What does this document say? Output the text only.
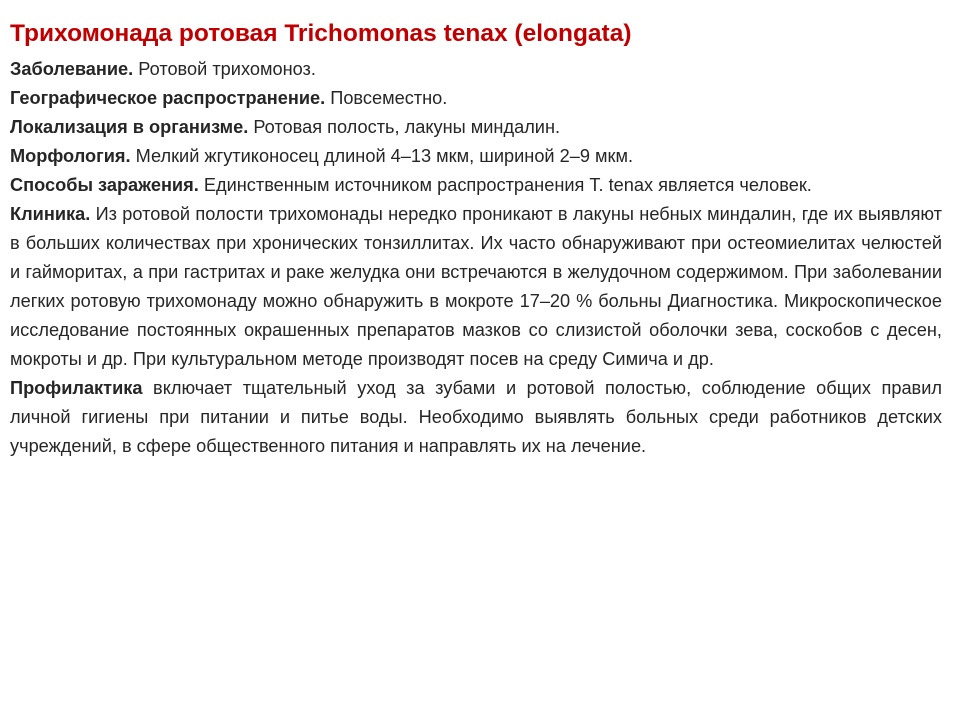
Трихомонада ротовая Trichomonas tenax (elongata)

Заболевание. Ротовой трихомоноз.

Географическое распространение. Повсеместно.

Локализация в организме. Ротовая полость, лакуны миндалин.

Морфология. Мелкий жгутиконосец длиной 4–13 мкм, шириной 2–9 мкм.

Способы заражения. Единственным источником распространения T. tenax является человек.

Клиника. Из ротовой полости трихомонады нередко проникают в лакуны небных миндалин, где их выявляют в больших количествах при хронических тонзиллитах. Их часто обнаруживают при остеомиелитах челюстей и гайморитах, а при гастритах и раке желудка они встречаются в желудочном содержимом. При заболевании легких ротовую трихомонаду можно обнаружить в мокроте 17–20 % больны Диагностика. Микроскопическое исследование постоянных окрашенных препаратов мазков со слизистой оболочки зева, соскобов с десен, мокроты и др. При культуральном методе производят посев на среду Симича и др.

Профилактика включает тщательный уход за зубами и ротовой полостью, соблюдение общих правил личной гигиены при питании и питье воды. Необходимо выявлять больных среди работников детских учреждений, в сфере общественного питания и направлять их на лечение.
